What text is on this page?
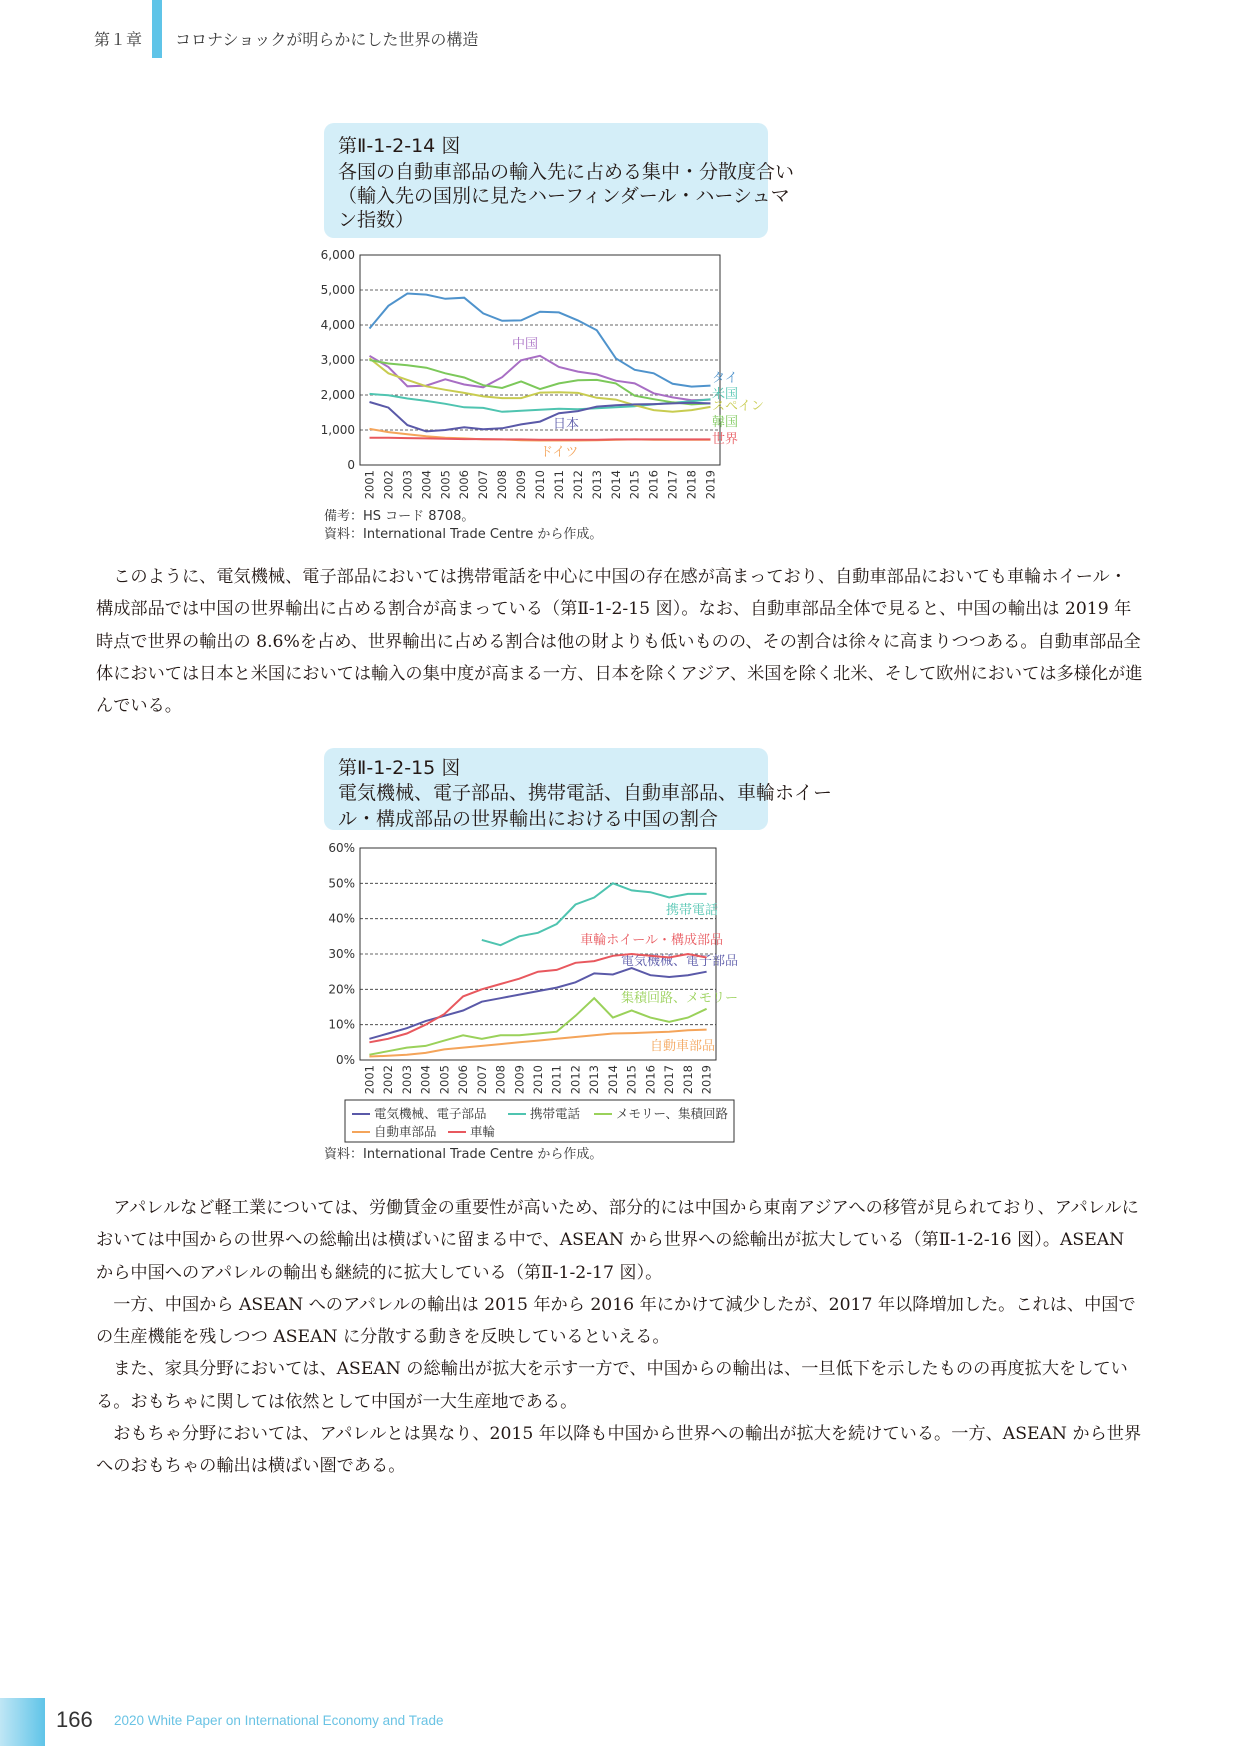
第１章 コロナショックが明らかにした世界の構造
第Ⅱ-1-2-14 図
各国の自動車部品の輸入先に占める集中・分散度合い
（輸入先の国別に見たハーフィンダール・ハーシュマ
ン指数）
0
1,000
2,000
3,000
4,000
5,000
6,000
2001 2002 2003 2004 2005 2006 2007 2008 2009 2010 2011 2012 2013 2014 2015 2016 2017 2018 2019
タイ
中国
米国
スペイン
韓国
日本
ドイツ
世界
備考：HS コード 8708。
資料：International Trade Centre から作成。

このように、電気機械、電子部品においては携帯電話を中心に中国の存在感が高まっており、自動車部品においても車輪ホイール・構成部品では中国の世界輸出に占める割合が高まっている（第Ⅱ-1-2-15 図）。なお、自動車部品全体で見ると、中国の輸出は 2019 年時点で世界の輸出の 8.6%を占め、世界輸出に占める割合は他の財よりも低いものの、その割合は徐々に高まりつつある。自動車部品全体においては日本と米国においては輸入の集中度が高まる一方、日本を除くアジア、米国を除く北米、そして欧州においては多様化が進んでいる。

第Ⅱ-1-2-15 図
電気機械、電子部品、携帯電話、自動車部品、車輪ホイー
ル・構成部品の世界輸出における中国の割合
0%
10%
20%
30%
40%
50%
60%
2001 2002 2003 2004 2005 2006 2007 2008 2009 2010 2011 2012 2013 2014 2015 2016 2017 2018 2019
電気機械、電子部品
携帯電話
集積回路、メモリー
自動車部品
車輪ホイール・構成部品
電気機械、電子部品	携帯電話	メモリー、集積回路
自動車部品	車輪
資料：International Trade Centre から作成。

アパレルなど軽工業については、労働賃金の重要性が高いため、部分的には中国から東南アジアへの移管が見られており、アパレルにおいては中国からの世界への総輸出は横ばいに留まる中で、ASEAN から世界への総輸出が拡大している（第Ⅱ-1-2-16 図）。ASEAN から中国へのアパレルの輸出も継続的に拡大している（第Ⅱ-1-2-17 図）。

一方、中国から ASEAN へのアパレルの輸出は 2015 年から 2016 年にかけて減少したが、2017 年以降増加した。これは、中国での生産機能を残しつつ ASEAN に分散する動きを反映しているといえる。

また、家具分野においては、ASEAN の総輸出が拡大を示す一方で、中国からの輸出は、一旦低下を示したものの再度拡大をしている。おもちゃに関しては依然として中国が一大生産地である。

おもちゃ分野においては、アパレルとは異なり、2015 年以降も中国から世界への輸出が拡大を続けている。一方、ASEAN から世界へのおもちゃの輸出は横ばい圏である。

166 2020 White Paper on International Economy and Trade
